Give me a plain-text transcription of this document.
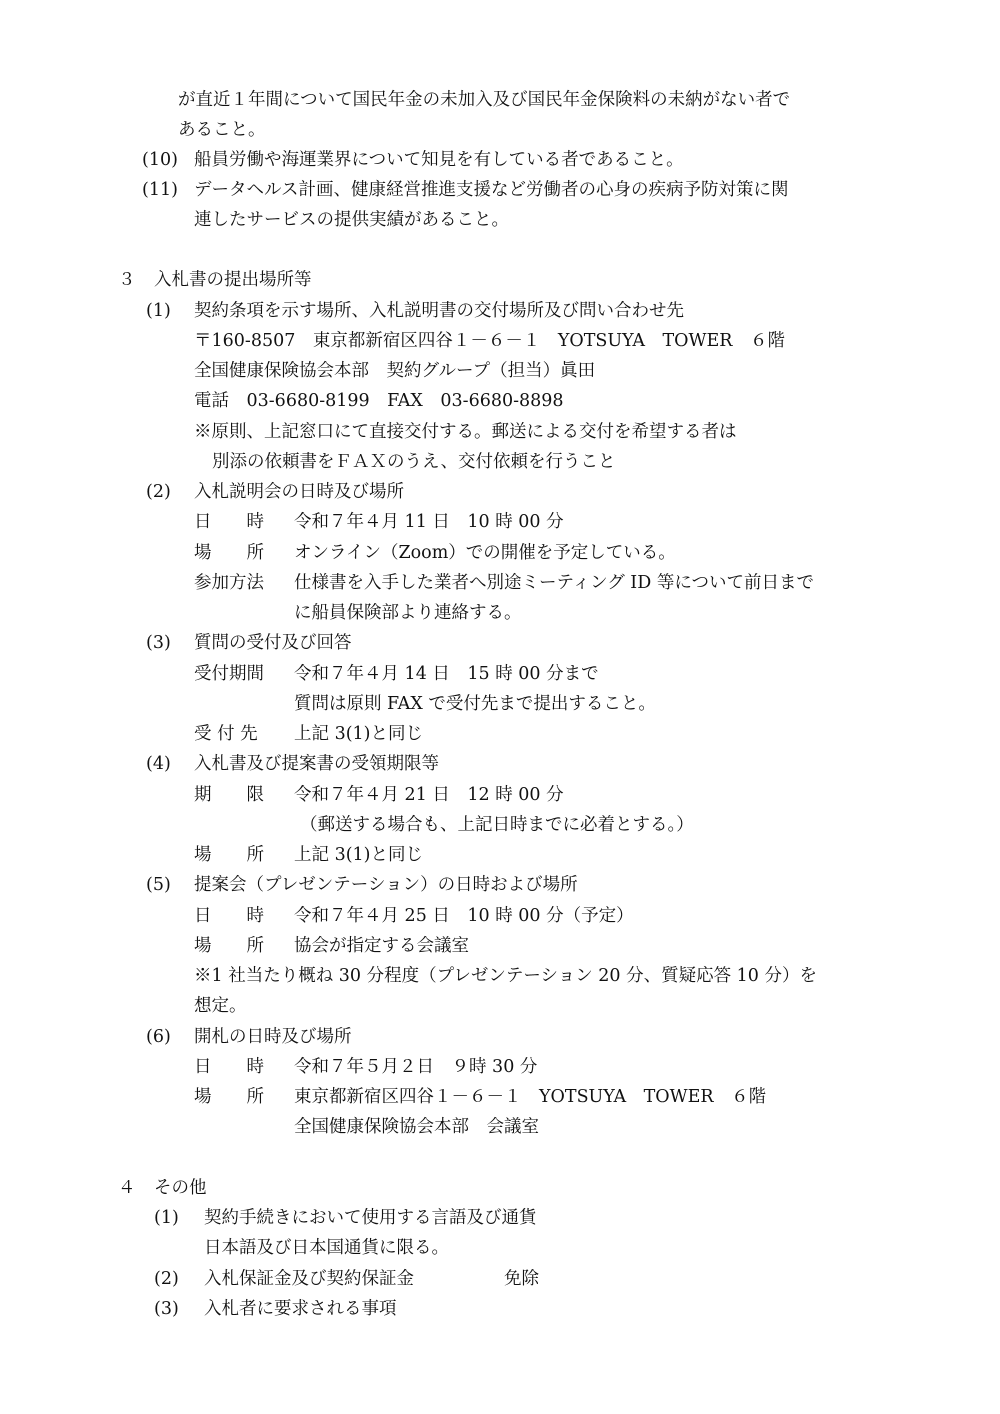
が直近１年間について国民年金の未加入及び国民年金保険料の未納がない者で
あること。
(10) 船員労働や海運業界について知見を有している者であること。
(11) データヘルス計画、健康経営推進支援など労働者の心身の疾病予防対策に関
連したサービスの提供実績があること。
３ 入札書の提出場所等
(1) 契約条項を示す場所、入札説明書の交付場所及び問い合わせ先
〒160-8507　東京都新宿区四谷１－６－１　YOTSUYA　TOWER　６階
全国健康保険協会本部　契約グループ（担当）眞田
電話　03-6680-8199　FAX　03-6680-8898
※原則、上記窓口にて直接交付する。郵送による交付を希望する者は
別添の依頼書をＦＡＸのうえ、交付依頼を行うこと
(2) 入札説明会の日時及び場所
日　　時 令和７年４月 11 日　10 時 00 分
場　　所 オンライン（Zoom）での開催を予定している。
参加方法 仕様書を入手した業者へ別途ミーティング ID 等について前日まで
に船員保険部より連絡する。
(3) 質問の受付及び回答
受付期間 令和７年４月 14 日　15 時 00 分まで
質問は原則 FAX で受付先まで提出すること。
受 付 先 上記 3(1)と同じ
(4) 入札書及び提案書の受領期限等
期　　限 令和７年４月 21 日　12 時 00 分
（郵送する場合も、上記日時までに必着とする。）
場　　所 上記 3(1)と同じ
(5) 提案会（プレゼンテーション）の日時および場所
日　　時 令和７年４月 25 日　10 時 00 分（予定）
場　　所 協会が指定する会議室
※1 社当たり概ね 30 分程度（プレゼンテーション 20 分、質疑応答 10 分）を
想定。
(6) 開札の日時及び場所
日　　時 令和７年５月２日　９時 30 分
場　　所 東京都新宿区四谷１－６－１　YOTSUYA　TOWER　６階
全国健康保険協会本部　会議室
４ その他
(1) 契約手続きにおいて使用する言語及び通貨
日本語及び日本国通貨に限る。
(2) 入札保証金及び契約保証金	免除
(3) 入札者に要求される事項
